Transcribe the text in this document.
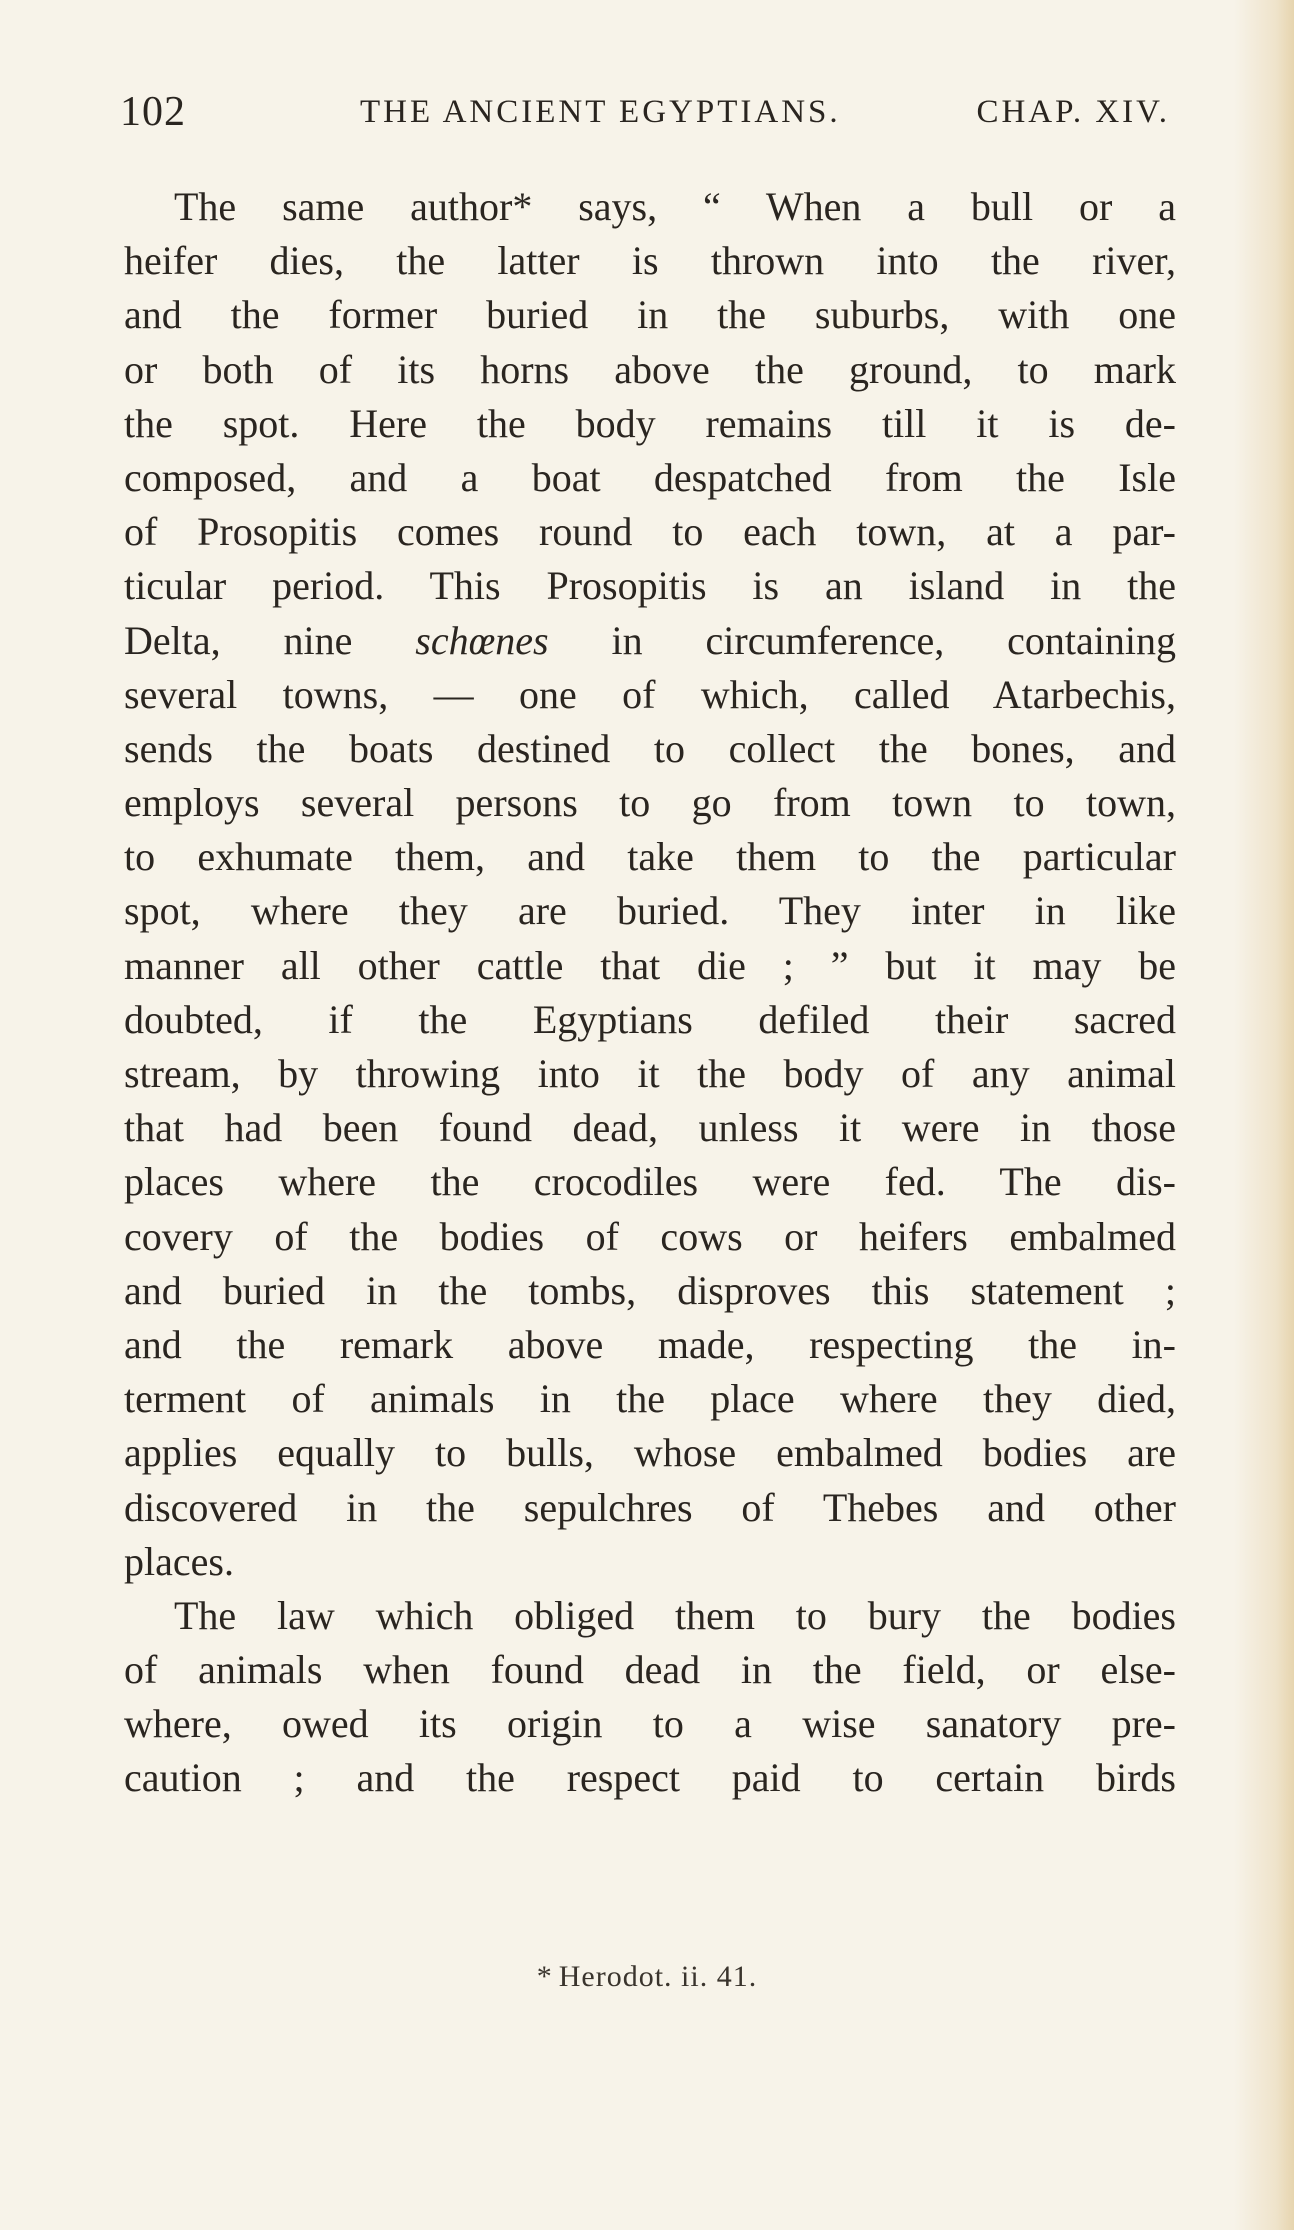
102	THE ANCIENT EGYPTIANS.	CHAP. XIV.
The same author* says, “ When a bull or a
heifer dies, the latter is thrown into the river,
and the former buried in the suburbs, with one
or both of its horns above the ground, to mark
the spot. Here the body remains till it is de-
composed, and a boat despatched from the Isle
of Prosopitis comes round to each town, at a par-
ticular period. This Prosopitis is an island in the
Delta, nine schœnes in circumference, containing
several towns, — one of which, called Atarbechis,
sends the boats destined to collect the bones, and
employs several persons to go from town to town,
to exhumate them, and take them to the particular
spot, where they are buried. They inter in like
manner all other cattle that die ; ” but it may be
doubted, if the Egyptians defiled their sacred
stream, by throwing into it the body of any animal
that had been found dead, unless it were in those
places where the crocodiles were fed. The dis-
covery of the bodies of cows or heifers embalmed
and buried in the tombs, disproves this statement ;
and the remark above made, respecting the in-
terment of animals in the place where they died,
applies equally to bulls, whose embalmed bodies are
discovered in the sepulchres of Thebes and other
places.
The law which obliged them to bury the bodies
of animals when found dead in the field, or else-
where, owed its origin to a wise sanatory pre-
caution ; and the respect paid to certain birds
* Herodot. ii. 41.
